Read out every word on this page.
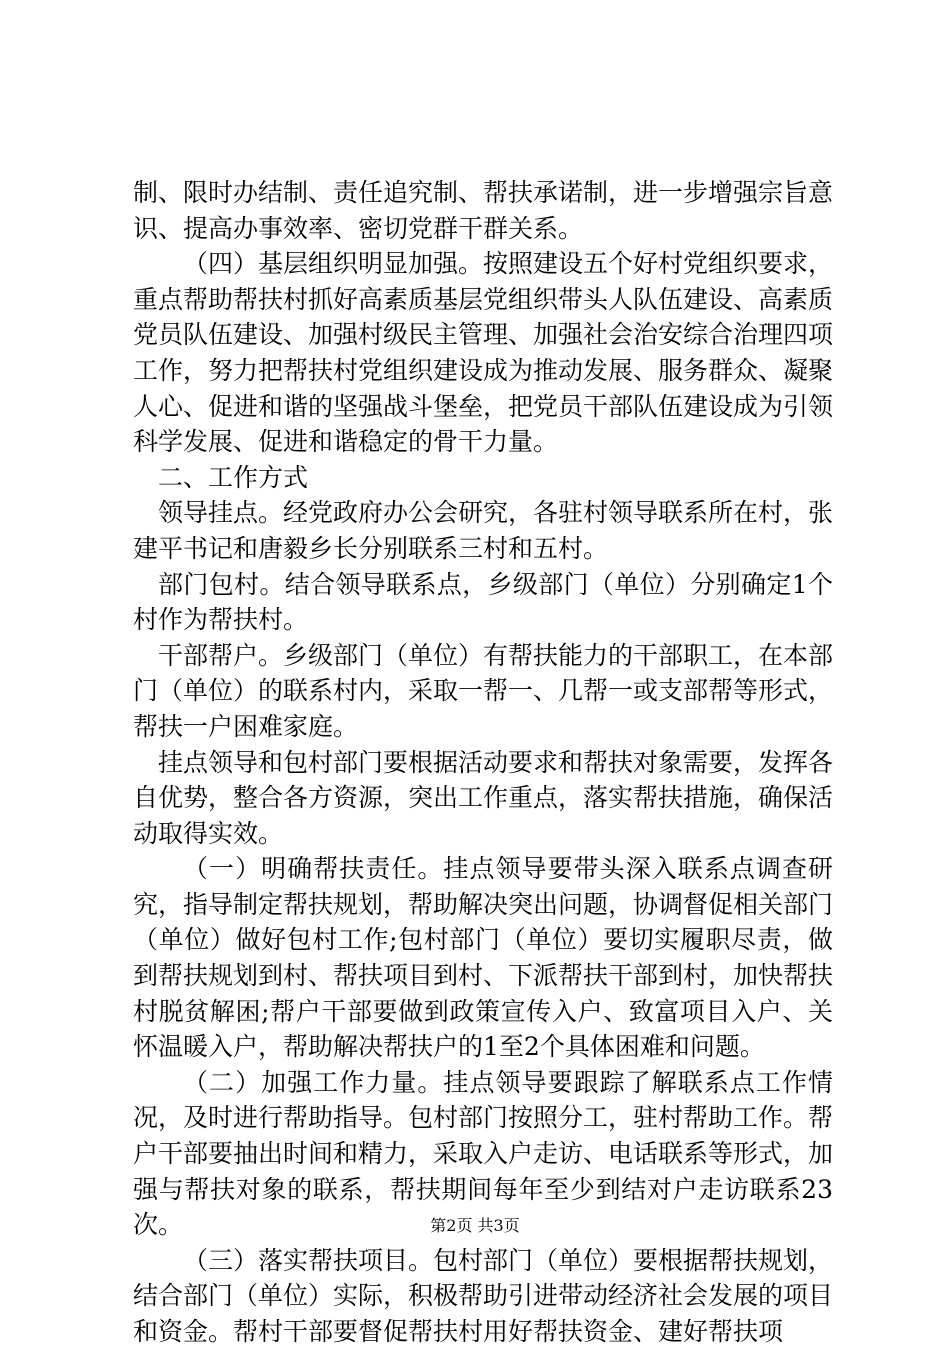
制、限时办结制、责任追究制、帮扶承诺制，进一步增强宗旨意识、提高办事效率、密切党群干群关系。

（四）基层组织明显加强。按照建设五个好村党组织要求，重点帮助帮扶村抓好高素质基层党组织带头人队伍建设、高素质党员队伍建设、加强村级民主管理、加强社会治安综合治理四项工作，努力把帮扶村党组织建设成为推动发展、服务群众、凝聚人心、促进和谐的坚强战斗堡垒，把党员干部队伍建设成为引领科学发展、促进和谐稳定的骨干力量。

二、工作方式

领导挂点。经党政府办公会研究，各驻村领导联系所在村，张建平书记和唐毅乡长分别联系三村和五村。

部门包村。结合领导联系点，乡级部门（单位）分别确定1个村作为帮扶村。

干部帮户。乡级部门（单位）有帮扶能力的干部职工，在本部门（单位）的联系村内，采取一帮一、几帮一或支部帮等形式，帮扶一户困难家庭。

挂点领导和包村部门要根据活动要求和帮扶对象需要，发挥各自优势，整合各方资源，突出工作重点，落实帮扶措施，确保活动取得实效。

（一）明确帮扶责任。挂点领导要带头深入联系点调查研究，指导制定帮扶规划，帮助解决突出问题，协调督促相关部门（单位）做好包村工作;包村部门（单位）要切实履职尽责，做到帮扶规划到村、帮扶项目到村、下派帮扶干部到村，加快帮扶村脱贫解困;帮户干部要做到政策宣传入户、致富项目入户、关怀温暖入户，帮助解决帮扶户的1至2个具体困难和问题。

（二）加强工作力量。挂点领导要跟踪了解联系点工作情况，及时进行帮助指导。包村部门按照分工，驻村帮助工作。帮户干部要抽出时间和精力，采取入户走访、电话联系等形式，加强与帮扶对象的联系，帮扶期间每年至少到结对户走访联系23次。

（三）落实帮扶项目。包村部门（单位）要根据帮扶规划，结合部门（单位）实际，积极帮助引进带动经济社会发展的项目和资金。帮村干部要督促帮扶村用好帮扶资金、建好帮扶项

第2页 共3页
